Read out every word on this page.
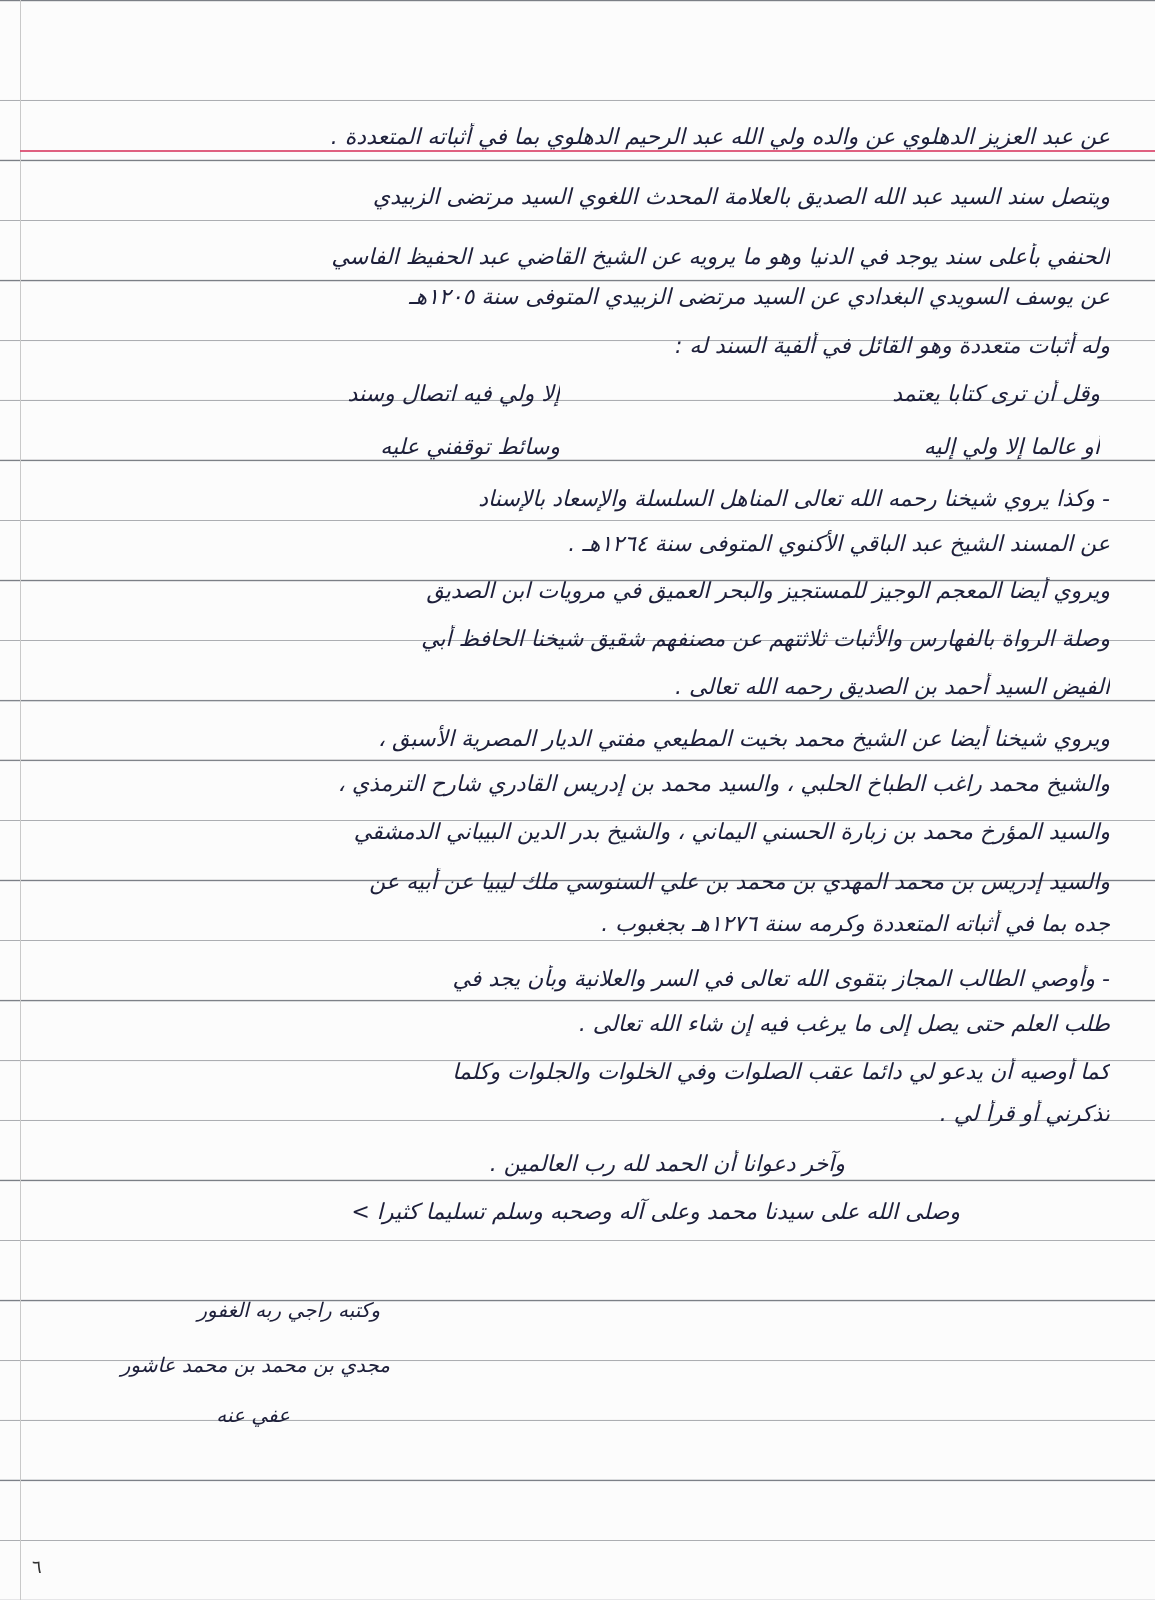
عن عبد العزيز الدهلوي عن والده ولي الله عبد الرحيم الدهلوي بما في أثباته المتعددة .
ويتصل سند السيد عبد الله الصديق بالعلامة المحدث اللغوي السيد مرتضى الزبيدي
الحنفي بأعلى سند يوجد في الدنيا وهو ما يرويه عن الشيخ القاضي عبد الحفيظ الفاسي
عن يوسف السويدي البغدادي عن السيد مرتضى الزبيدي المتوفى سنة ١٢٠٥هـ
وله أثبات متعددة وهو القائل في ألفية السند له :
وقل أن ترى كتابا يعتمد
إلا ولي فيه اتصال وسند
أو عالما إلا ولي إليه
وسائط توقفني عليه
- وكذا يروي شيخنا رحمه الله تعالى المناهل السلسلة والإسعاد بالإسناد
عن المسند الشيخ عبد الباقي الأكنوي المتوفى سنة ١٢٦٤هـ .
ويروي أيضا المعجم الوجيز للمستجيز والبحر العميق في مرويات ابن الصديق
وصلة الرواة بالفهارس والأثبات ثلاثتهم عن مصنفهم شقيق شيخنا الحافظ أبي
الفيض السيد أحمد بن الصديق رحمه الله تعالى .
ويروي شيخنا أيضا عن الشيخ محمد بخيت المطيعي مفتي الديار المصرية الأسبق ،
والشيخ محمد راغب الطباخ الحلبي ، والسيد محمد بن إدريس القادري شارح الترمذي ،
والسيد المؤرخ محمد بن زبارة الحسني اليماني ، والشيخ بدر الدين البيباني الدمشقي
والسيد إدريس بن محمد المهدي بن محمد بن علي السنوسي ملك ليبيا عن أبيه عن
جده بما في أثباته المتعددة وكرمه سنة ١٢٧٦هـ بجغبوب .
- وأوصي الطالب المجاز بتقوى الله تعالى في السر والعلانية وبأن يجد في
طلب العلم حتى يصل إلى ما يرغب فيه إن شاء الله تعالى .
كما أوصيه أن يدعو لي دائما عقب الصلوات وفي الخلوات والجلوات وكلما
تذكرني أو قرأ لي .
وآخر دعوانا أن الحمد لله رب العالمين .
وصلى الله على سيدنا محمد وعلى آله وصحبه وسلم تسليما كثيرا >
وكتبه راجي ربه الغفور
مجدي بن محمد بن محمد عاشور
عفي عنه
٦
